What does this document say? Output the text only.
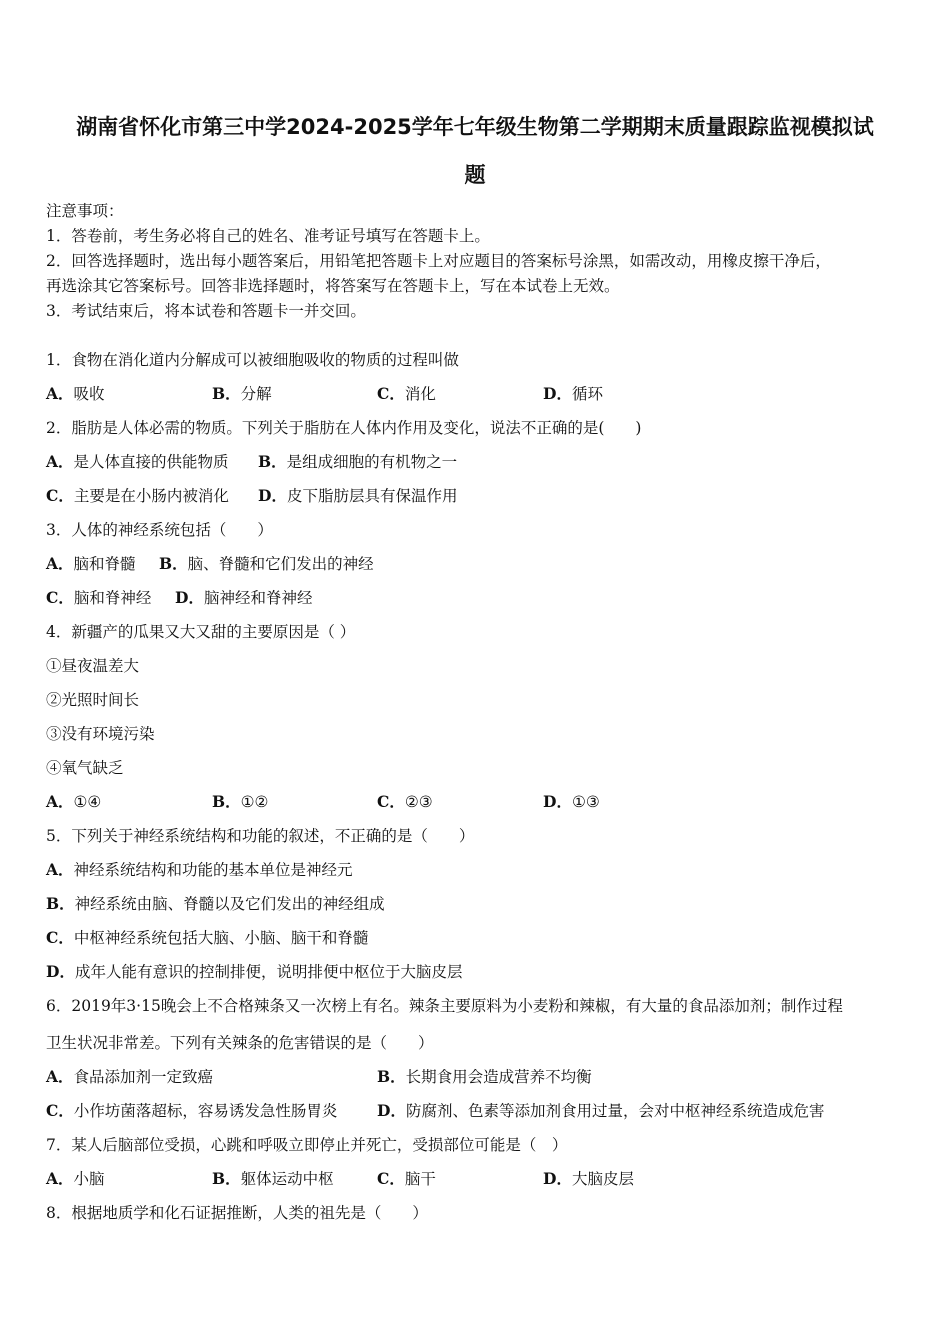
湖南省怀化市第三中学2024-2025学年七年级生物第二学期期末质量跟踪监视模拟试
题
注意事项：
1．答卷前，考生务必将自己的姓名、准考证号填写在答题卡上。
2．回答选择题时，选出每小题答案后，用铅笔把答题卡上对应题目的答案标号涂黑，如需改动，用橡皮擦干净后，
再选涂其它答案标号。回答非选择题时，将答案写在答题卡上，写在本试卷上无效。
3．考试结束后，将本试卷和答题卡一并交回。
1．食物在消化道内分解成可以被细胞吸收的物质的过程叫做
A．吸收	B．分解	C．消化	D．循环
2．脂肪是人体必需的物质。下列关于脂肪在人体内作用及变化，说法不正确的是(　　)
A．是人体直接的供能物质 B．是组成细胞的有机物之一
C．主要是在小肠内被消化 D．皮下脂肪层具有保温作用
3．人体的神经系统包括（　　）
A．脑和脊髓 B．脑、脊髓和它们发出的神经
C．脑和脊神经 D．脑神经和脊神经
4．新疆产的瓜果又大又甜的主要原因是（ ）
①昼夜温差大
②光照时间长
③没有环境污染
④氧气缺乏
A．①④	B．①②	C．②③	D．①③
5．下列关于神经系统结构和功能的叙述，不正确的是（　　）
A．神经系统结构和功能的基本单位是神经元
B．神经系统由脑、脊髓以及它们发出的神经组成
C．中枢神经系统包括大脑、小脑、脑干和脊髓
D．成年人能有意识的控制排便，说明排便中枢位于大脑皮层
6．2019年3·15晚会上不合格辣条又一次榜上有名。辣条主要原料为小麦粉和辣椒，有大量的食品添加剂；制作过程
卫生状况非常差。下列有关辣条的危害错误的是（　　）
A．食品添加剂一定致癌	B．长期食用会造成营养不均衡
C．小作坊菌落超标，容易诱发急性肠胃炎	D．防腐剂、色素等添加剂食用过量，会对中枢神经系统造成危害
7．某人后脑部位受损，心跳和呼吸立即停止并死亡，受损部位可能是（　）
A．小脑	B．躯体运动中枢	C．脑干	D．大脑皮层
8．根据地质学和化石证据推断，人类的祖先是（　　）
